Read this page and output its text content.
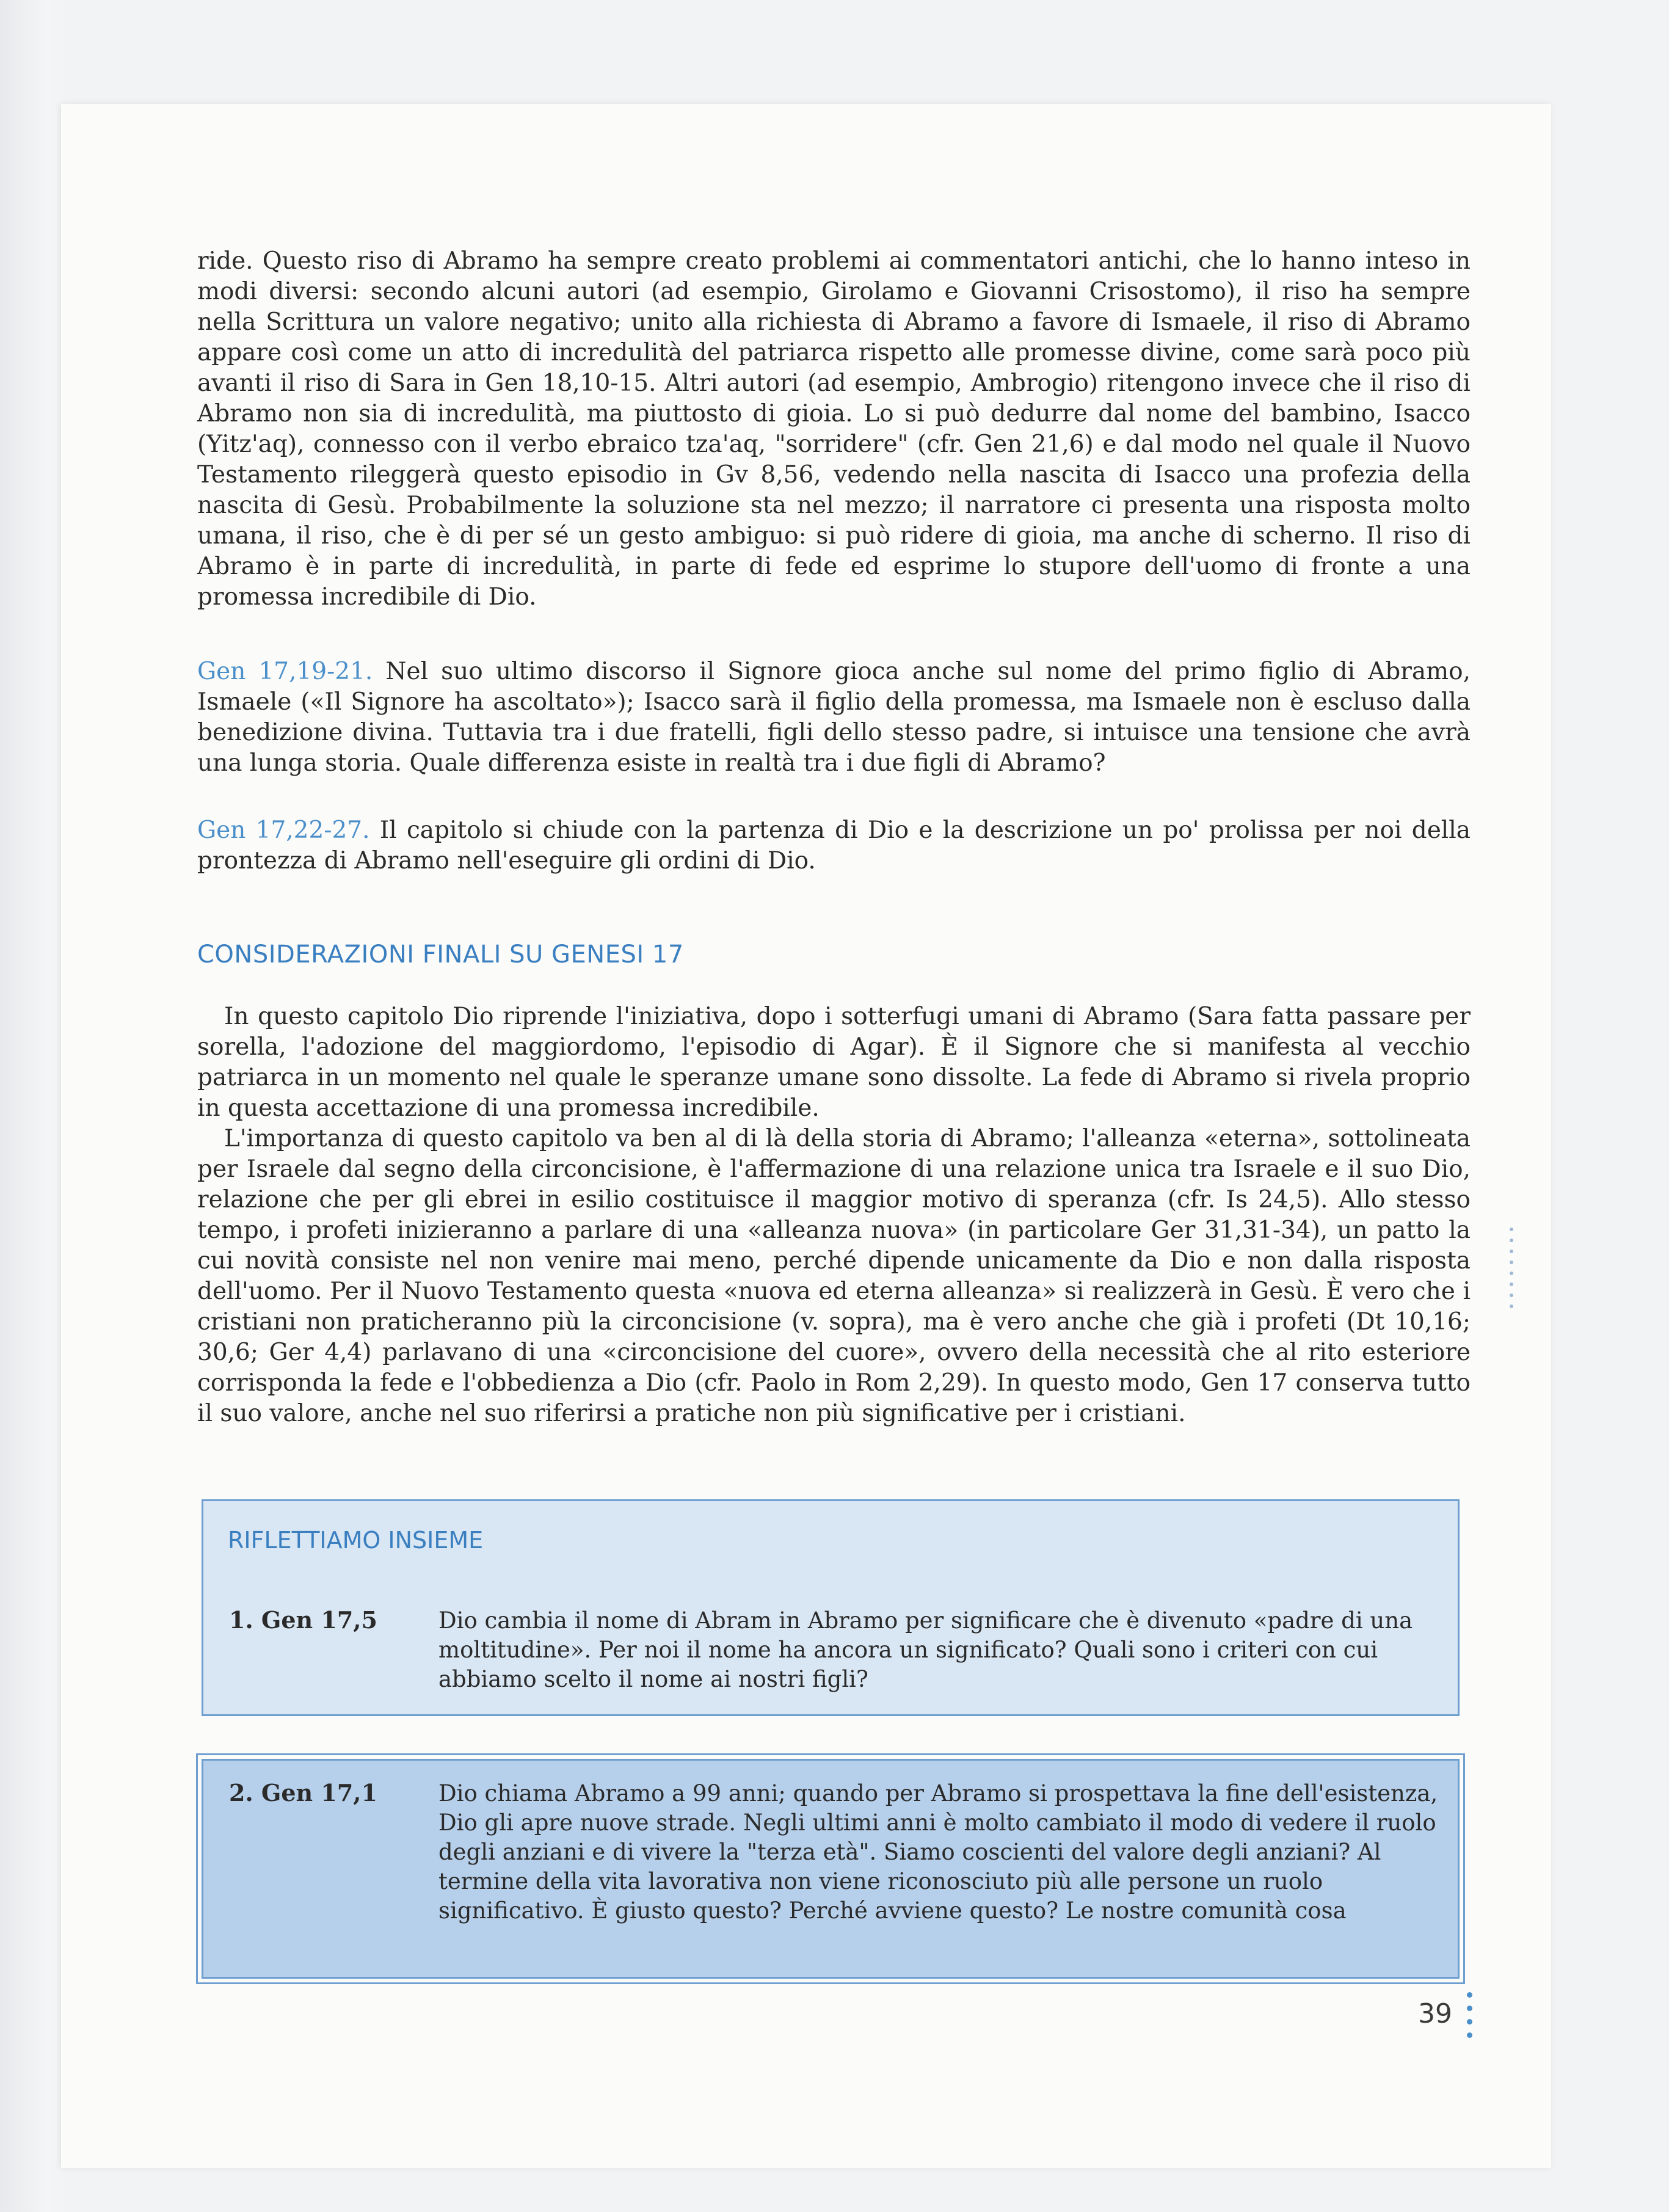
ride. Questo riso di Abramo ha sempre creato problemi ai commentatori antichi, che lo hanno inteso in modi diversi: secondo alcuni autori (ad esempio, Girolamo e Giovanni Crisostomo), il riso ha sempre nella Scrittura un valore negativo; unito alla richiesta di Abramo a favore di Ismaele, il riso di Abramo appare così come un atto di incredulità del patriarca rispetto alle promesse divine, come sarà poco più avanti il riso di Sara in Gen 18,10-15. Altri autori (ad esempio, Ambrogio) ritengono invece che il riso di Abramo non sia di incredulità, ma piuttosto di gioia. Lo si può dedurre dal nome del bambino, Isacco (Yitz'aq), connesso con il verbo ebraico tza'aq, "sorridere" (cfr. Gen 21,6) e dal modo nel quale il Nuovo Testamento rileggerà questo episodio in Gv 8,56, vedendo nella nascita di Isacco una profezia della nascita di Gesù. Probabilmente la soluzione sta nel mezzo; il narratore ci presenta una risposta molto umana, il riso, che è di per sé un gesto ambiguo: si può ridere di gioia, ma anche di scherno. Il riso di Abramo è in parte di incredulità, in parte di fede ed esprime lo stupore dell'uomo di fronte a una promessa incredibile di Dio.

Gen 17,19-21. Nel suo ultimo discorso il Signore gioca anche sul nome del primo figlio di Abramo, Ismaele («Il Signore ha ascoltato»); Isacco sarà il figlio della promessa, ma Ismaele non è escluso dalla benedizione divina. Tuttavia tra i due fratelli, figli dello stesso padre, si intuisce una tensione che avrà una lunga storia. Quale differenza esiste in realtà tra i due figli di Abramo?

Gen 17,22-27. Il capitolo si chiude con la partenza di Dio e la descrizione un po' prolissa per noi della prontezza di Abramo nell'eseguire gli ordini di Dio.

CONSIDERAZIONI FINALI SU GENESI 17

In questo capitolo Dio riprende l'iniziativa, dopo i sotterfugi umani di Abramo (Sara fatta passare per sorella, l'adozione del maggiordomo, l'episodio di Agar). È il Signore che si manifesta al vecchio patriarca in un momento nel quale le speranze umane sono dissolte. La fede di Abramo si rivela proprio in questa accettazione di una promessa incredibile.

L'importanza di questo capitolo va ben al di là della storia di Abramo; l'alleanza «eterna», sottolineata per Israele dal segno della circoncisione, è l'affermazione di una relazione unica tra Israele e il suo Dio, relazione che per gli ebrei in esilio costituisce il maggior motivo di speranza (cfr. Is 24,5). Allo stesso tempo, i profeti inizieranno a parlare di una «alleanza nuova» (in particolare Ger 31,31-34), un patto la cui novità consiste nel non venire mai meno, perché dipende unicamente da Dio e non dalla risposta dell'uomo. Per il Nuovo Testamento questa «nuova ed eterna alleanza» si realizzerà in Gesù. È vero che i cristiani non praticheranno più la circoncisione (v. sopra), ma è vero anche che già i profeti (Dt 10,16; 30,6; Ger 4,4) parlavano di una «circoncisione del cuore», ovvero della necessità che al rito esteriore corrisponda la fede e l'obbedienza a Dio (cfr. Paolo in Rom 2,29). In questo modo, Gen 17 conserva tutto il suo valore, anche nel suo riferirsi a pratiche non più significative per i cristiani.

RIFLETTIAMO INSIEME
1. Gen 17,5	Dio cambia il nome di Abram in Abramo per significare che è divenuto «padre di una moltitudine». Per noi il nome ha ancora un significato? Quali sono i criteri con cui abbiamo scelto il nome ai nostri figli?
2. Gen 17,1	Dio chiama Abramo a 99 anni; quando per Abramo si prospettava la fine dell'esistenza, Dio gli apre nuove strade. Negli ultimi anni è molto cambiato il modo di vedere il ruolo degli anziani e di vivere la "terza età". Siamo coscienti del valore degli anziani? Al termine della vita lavorativa non viene riconosciuto più alle persone un ruolo significativo. È giusto questo? Perché avviene questo? Le nostre comunità cosa
39
